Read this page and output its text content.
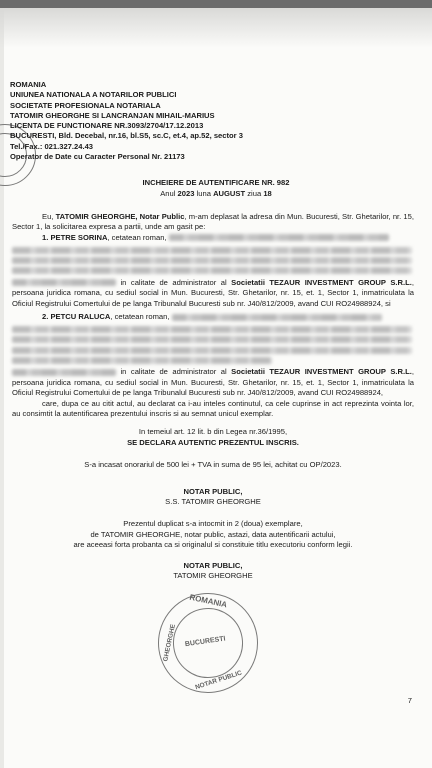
ROMANIA
UNIUNEA NATIONALA A NOTARILOR PUBLICI
SOCIETATE PROFESIONALA NOTARIALA
TATOMIR GHEORGHE SI LANCRANJAN MIHAIL-MARIUS
LICENTA DE FUNCTIONARE NR.3093/2704/17.12.2013
BUCURESTI, Bld. Decebal, nr.16, bl.S5, sc.C, et.4, ap.52, sector 3
Tel./Fax.: 021.327.24.43
Operator de Date cu Caracter Personal Nr. 21173
INCHEIERE DE AUTENTIFICARE NR. 982
Anul 2023 luna AUGUST ziua 18
Eu, TATOMIR GHEORGHE, Notar Public, m-am deplasat la adresa din Mun. Bucuresti, Str. Ghetarilor, nr. 15, Sector 1, la solicitarea expresa a partii, unde am gasit pe:
1. PETRE SORINA, cetatean roman,
in calitate de administrator al Societatii TEZAUR INVESTMENT GROUP S.R.L., persoana juridica romana, cu sediul social in Mun. Bucuresti, Str. Ghetarilor, nr. 15, et. 1, Sector 1, inmatriculata la Oficiul Registrului Comertului de pe langa Tribunalul Bucuresti sub nr. J40/812/2009, avand CUI RO24988924, si
2. PETCU RALUCA, cetatean roman,
in calitate de administrator al Societatii TEZAUR INVESTMENT GROUP S.R.L., persoana juridica romana, cu sediul social in Mun. Bucuresti, Str. Ghetarilor, nr. 15, et. 1, Sector 1, inmatriculata la Oficiul Registrului Comertului de pe langa Tribunalul Bucuresti sub nr. J40/812/2009, avand CUI RO24988924,
care, dupa ce au citit actul, au declarat ca i-au inteles continutul, ca cele cuprinse in act reprezinta vointa lor, au consimtit la autentificarea prezentului inscris si au semnat unicul exemplar.
In temeiul art. 12 lit. b din Legea nr.36/1995,
SE DECLARA AUTENTIC PREZENTUL INSCRIS.
S-a incasat onorariul de 500 lei + TVA in suma de 95 lei, achitat cu OP/2023.
NOTAR PUBLIC,
S.S. TATOMIR GHEORGHE
Prezentul duplicat s-a intocmit in 2 (doua) exemplare,
de TATOMIR GHEORGHE, notar public, astazi, data autentificarii actului,
are aceeasi forta probanta ca si originalul si constituie titlu executoriu conform legii.
NOTAR PUBLIC,
TATOMIR GHEORGHE
ROMANIA
GHEORGHE
NOTAR PUBLIC
BUCURESTI
7
